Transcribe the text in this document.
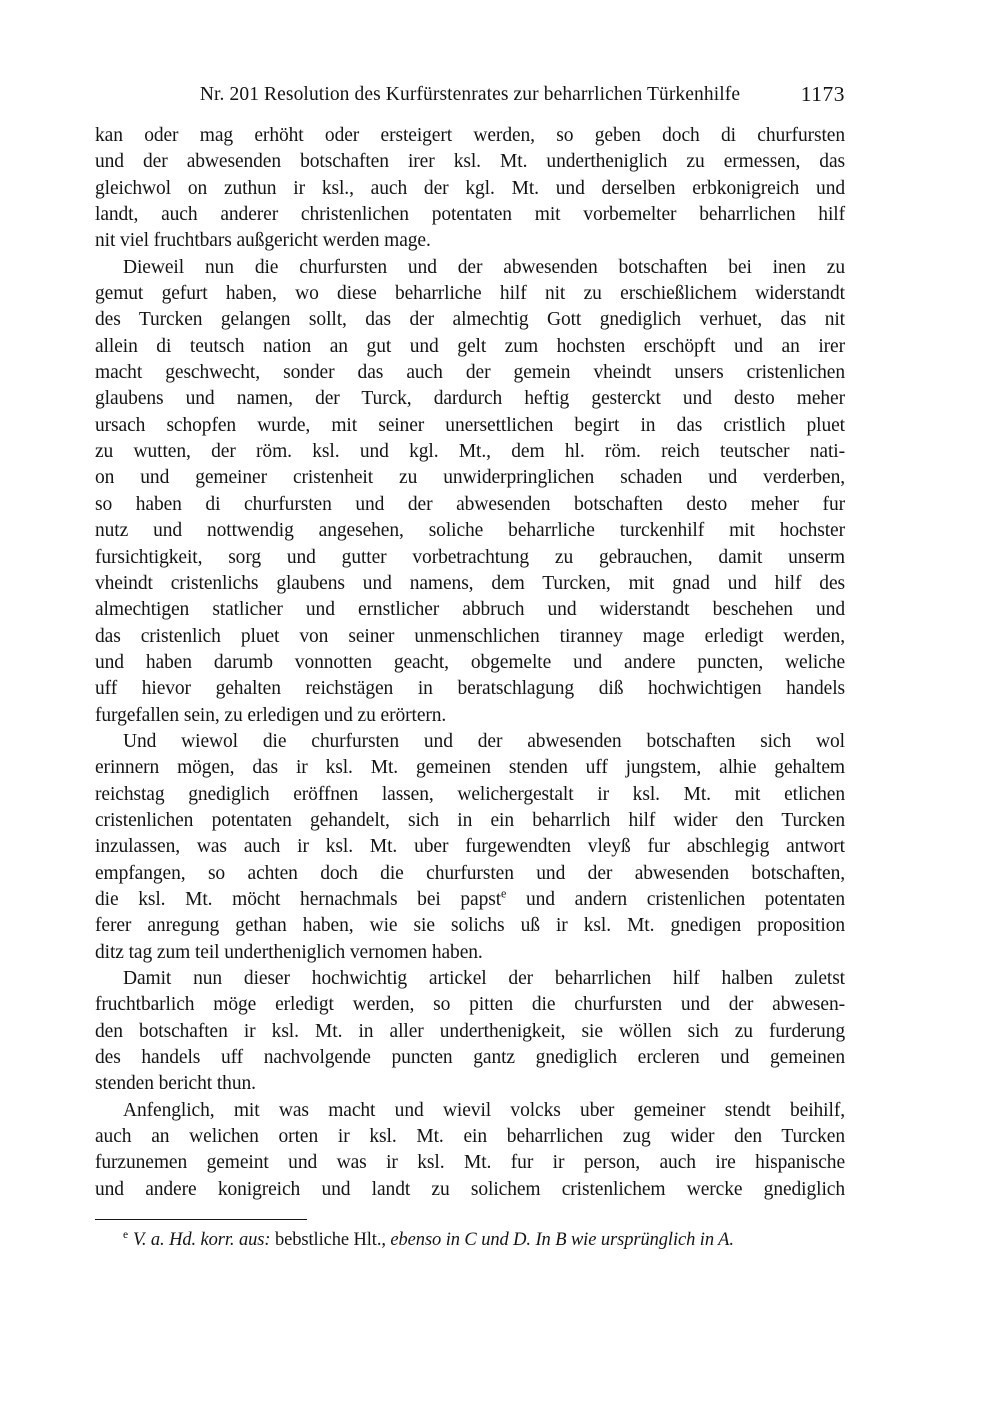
Nr. 201 Resolution des Kurfürstenrates zur beharrlichen Türkenhilfe	1173
kan oder mag erhöht oder ersteigert werden, so geben doch di churfursten
und der abwesenden botschaften irer ksl. Mt. undertheniglich zu ermessen, das
gleichwol on zuthun ir ksl., auch der kgl. Mt. und derselben erbkonigreich und
landt, auch anderer christenlichen potentaten mit vorbemelter beharrlichen hilf
nit viel fruchtbars außgericht werden mage.
Dieweil nun die churfursten und der abwesenden botschaften bei inen zu
gemut gefurt haben, wo diese beharrliche hilf nit zu erschießlichem widerstandt
des Turcken gelangen sollt, das der almechtig Gott gnediglich verhuet, das nit
allein di teutsch nation an gut und gelt zum hochsten erschöpft und an irer
macht geschwecht, sonder das auch der gemein vheindt unsers cristenlichen
glaubens und namen, der Turck, dardurch heftig gesterckt und desto meher
ursach schopfen wurde, mit seiner unersettlichen begirt in das cristlich pluet
zu wutten, der röm. ksl. und kgl. Mt., dem hl. röm. reich teutscher nati-
on und gemeiner cristenheit zu unwiderpringlichen schaden und verderben,
so haben di churfursten und der abwesenden botschaften desto meher fur
nutz und nottwendig angesehen, soliche beharrliche turckenhilf mit hochster
fursichtigkeit, sorg und gutter vorbetrachtung zu gebrauchen, damit unserm
vheindt cristenlichs glaubens und namens, dem Turcken, mit gnad und hilf des
almechtigen statlicher und ernstlicher abbruch und widerstandt beschehen und
das cristenlich pluet von seiner unmenschlichen tiranney mage erledigt werden,
und haben darumb vonnotten geacht, obgemelte und andere puncten, weliche
uff hievor gehalten reichstägen in beratschlagung diß hochwichtigen handels
furgefallen sein, zu erledigen und zu erörtern.
Und wiewol die churfursten und der abwesenden botschaften sich wol
erinnern mögen, das ir ksl. Mt. gemeinen stenden uff jungstem, alhie gehaltem
reichstag gnediglich eröffnen lassen, welichergestalt ir ksl. Mt. mit etlichen
cristenlichen potentaten gehandelt, sich in ein beharrlich hilf wider den Turcken
inzulassen, was auch ir ksl. Mt. uber furgewendten vleyß fur abschlegig antwort
empfangen, so achten doch die churfursten und der abwesenden botschaften,
die ksl. Mt. möcht hernachmals bei papst$^e$ und andern cristenlichen potentaten
ferer anregung gethan haben, wie sie solichs uß ir ksl. Mt. gnedigen proposition
ditz tag zum teil undertheniglich vernomen haben.
Damit nun dieser hochwichtig artickel der beharrlichen hilf halben zuletst
fruchtbarlich möge erledigt werden, so pitten die churfursten und der abwesen-
den botschaften ir ksl. Mt. in aller underthenigkeit, sie wöllen sich zu furderung
des handels uff nachvolgende puncten gantz gnediglich ercleren und gemeinen
stenden bericht thun.
Anfenglich, mit was macht und wievil volcks uber gemeiner stendt beihilf,
auch an welichen orten ir ksl. Mt. ein beharrlichen zug wider den Turcken
furzunemen gemeint und was ir ksl. Mt. fur ir person, auch ire hispanische
und andere konigreich und landt zu solichem cristenlichem wercke gnediglich
$^e$ V. a. Hd. korr. aus: bebstliche Hlt., ebenso in C und D. In B wie ursprünglich in A.
